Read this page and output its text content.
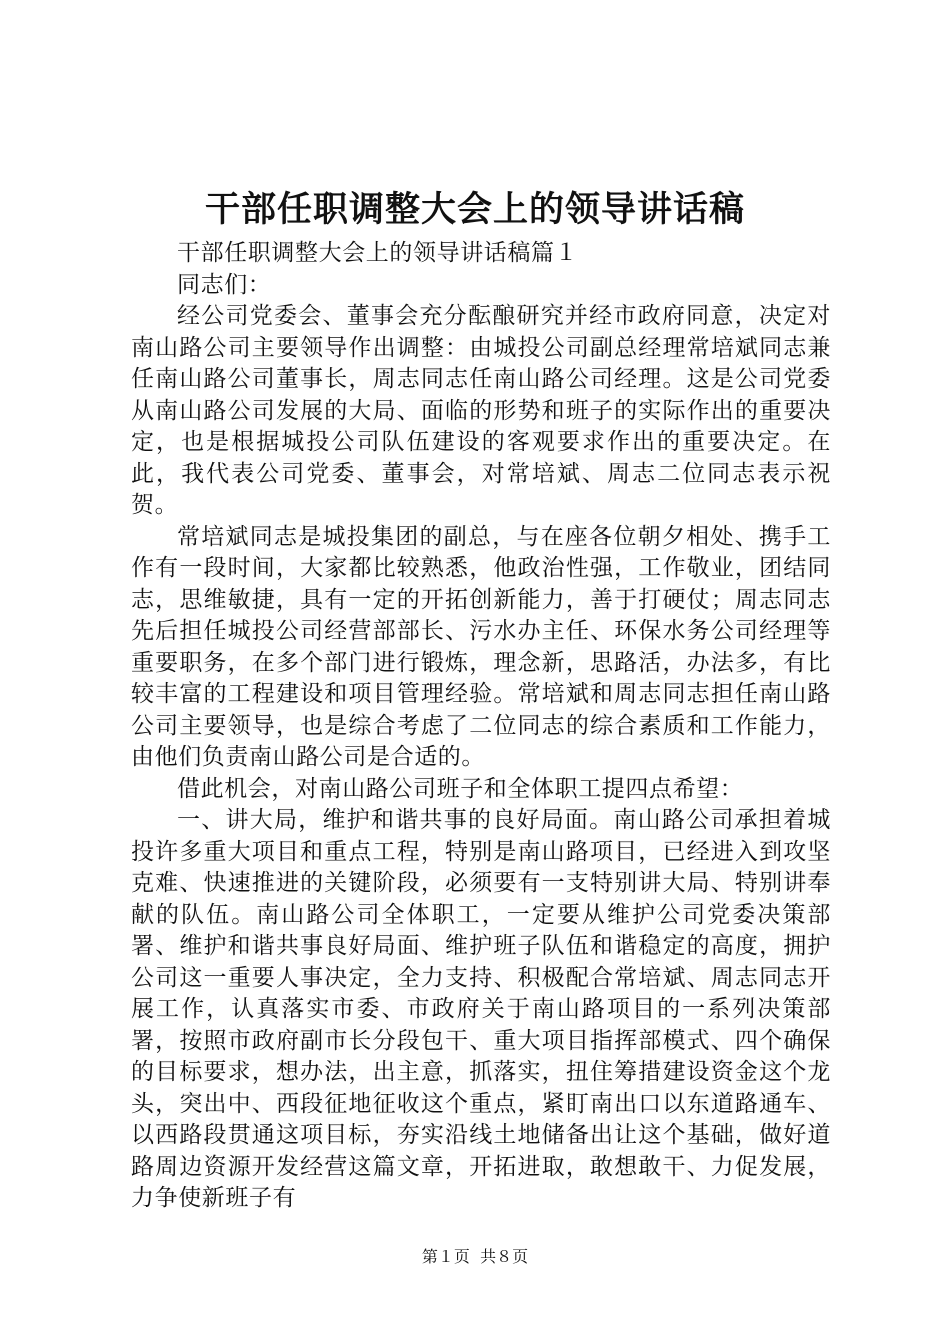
干部任职调整大会上的领导讲话稿

干部任职调整大会上的领导讲话稿篇１

同志们：

经公司党委会、董事会充分酝酿研究并经市政府同意，决定对南山路公司主要领导作出调整：由城投公司副总经理常培斌同志兼任南山路公司董事长，周志同志任南山路公司经理。这是公司党委从南山路公司发展的大局、面临的形势和班子的实际作出的重要决定，也是根据城投公司队伍建设的客观要求作出的重要决定。在此，我代表公司党委、董事会，对常培斌、周志二位同志表示祝贺。

常培斌同志是城投集团的副总，与在座各位朝夕相处、携手工作有一段时间，大家都比较熟悉，他政治性强，工作敬业，团结同志，思维敏捷，具有一定的开拓创新能力，善于打硬仗；周志同志先后担任城投公司经营部部长、污水办主任、环保水务公司经理等重要职务，在多个部门进行锻炼，理念新，思路活，办法多，有比较丰富的工程建设和项目管理经验。常培斌和周志同志担任南山路公司主要领导，也是综合考虑了二位同志的综合素质和工作能力，由他们负责南山路公司是合适的。

借此机会，对南山路公司班子和全体职工提四点希望：

一、讲大局，维护和谐共事的良好局面。南山路公司承担着城投许多重大项目和重点工程，特别是南山路项目，已经进入到攻坚克难、快速推进的关键阶段，必须要有一支特别讲大局、特别讲奉献的队伍。南山路公司全体职工，一定要从维护公司党委决策部署、维护和谐共事良好局面、维护班子队伍和谐稳定的高度，拥护公司这一重要人事决定，全力支持、积极配合常培斌、周志同志开展工作，认真落实市委、市政府关于南山路项目的一系列决策部署，按照市政府副市长分段包干、重大项目指挥部模式、四个确保的目标要求，想办法，出主意，抓落实，扭住筹措建设资金这个龙头，突出中、西段征地征收这个重点，紧盯南出口以东道路通车、以西路段贯通这项目标，夯实沿线土地储备出让这个基础，做好道路周边资源开发经营这篇文章，开拓进取，敢想敢干、力促发展，力争使新班子有

第１页 共８页
